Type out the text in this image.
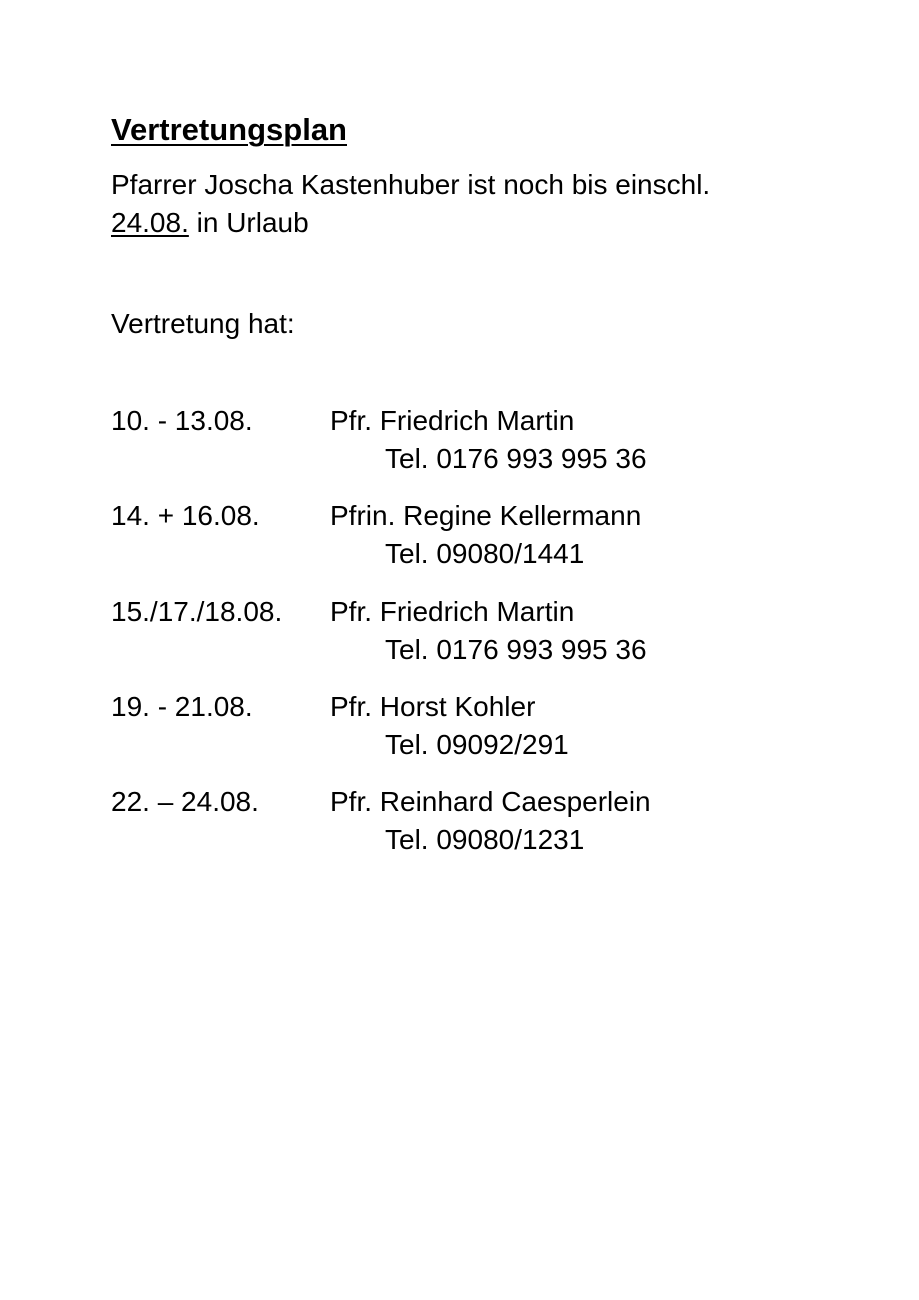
Vertretungsplan
Pfarrer Joscha Kastenhuber ist noch bis einschl.
24.08. in Urlaub
Vertretung hat:
10. - 13.08.	Pfr. Friedrich Martin
Tel. 0176 993 995 36
14. + 16.08.	Pfrin. Regine Kellermann
Tel. 09080/1441
15./17./18.08. Pfr. Friedrich Martin
Tel. 0176 993 995 36
19. - 21.08.	Pfr. Horst Kohler
Tel. 09092/291
22. – 24.08.	Pfr. Reinhard Caesperlein
Tel. 09080/1231
